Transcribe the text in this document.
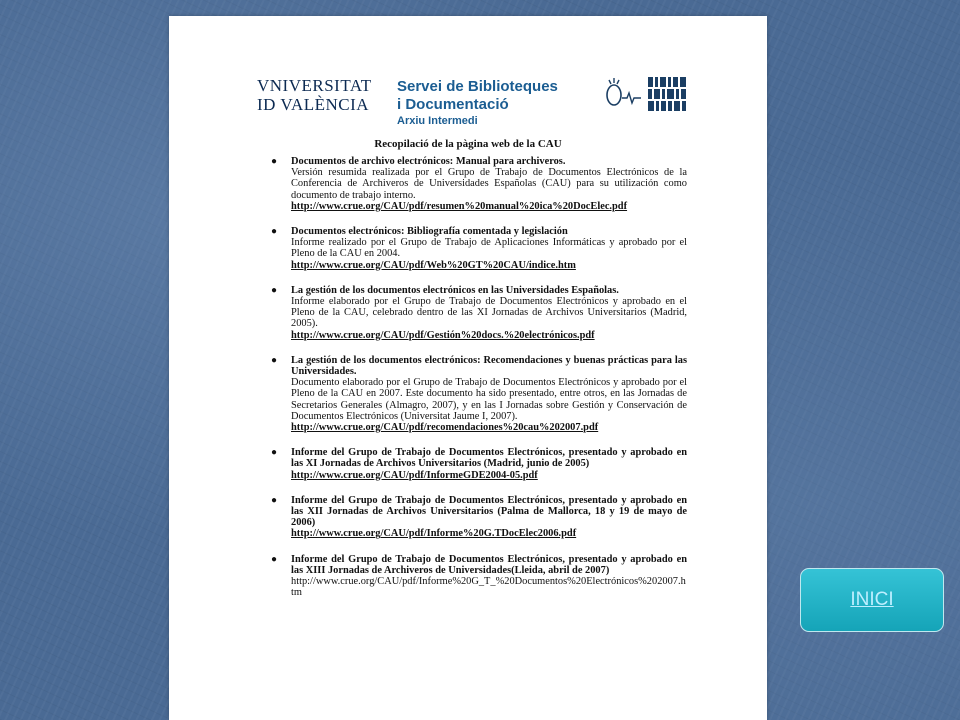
VNIVERSITAT
ID VALÈNCIA
Servei de Biblioteques
i Documentació
Arxiu Intermedi
Recopilació de la pàgina web de la CAU
● Documentos de archivo electrónicos: Manual para archiveros.
Versión resumida realizada por el Grupo de Trabajo de Documentos Electrónicos de la Conferencia de Archiveros de Universidades Españolas (CAU) para su utilización como documento de trabajo interno.
http://www.crue.org/CAU/pdf/resumen%20manual%20ica%20DocElec.pdf
● Documentos electrónicos: Bibliografía comentada y legislación
Informe realizado por el Grupo de Trabajo de Aplicaciones Informáticas y aprobado por el Pleno de la CAU en 2004.
http://www.crue.org/CAU/pdf/Web%20GT%20CAU/indice.htm
● La gestión de los documentos electrónicos en las Universidades Españolas.
Informe elaborado por el Grupo de Trabajo de Documentos Electrónicos y aprobado en el Pleno de la CAU, celebrado dentro de las XI Jornadas de Archivos Universitarios (Madrid, 2005).
http://www.crue.org/CAU/pdf/Gestión%20docs.%20electrónicos.pdf
● La gestión de los documentos electrónicos: Recomendaciones y buenas prácticas para las Universidades.
Documento elaborado por el Grupo de Trabajo de Documentos Electrónicos y aprobado por el Pleno de la CAU en 2007. Este documento ha sido presentado, entre otros, en las Jornadas de Secretarios Generales (Almagro, 2007), y en las I Jornadas sobre Gestión y Conservación de Documentos Electrónicos (Universitat Jaume I, 2007).
http://www.crue.org/CAU/pdf/recomendaciones%20cau%202007.pdf
● Informe del Grupo de Trabajo de Documentos Electrónicos, presentado y aprobado en las XI Jornadas de Archivos Universitarios (Madrid, junio de 2005)
http://www.crue.org/CAU/pdf/InformeGDE2004-05.pdf
● Informe del Grupo de Trabajo de Documentos Electrónicos, presentado y aprobado en las XII Jornadas de Archivos Universitarios (Palma de Mallorca, 18 y 19 de mayo de 2006)
http://www.crue.org/CAU/pdf/Informe%20G.TDocElec2006.pdf
● Informe del Grupo de Trabajo de Documentos Electrónicos, presentado y aprobado en las XIII Jornadas de Archiveros de Universidades(Lleida, abril de 2007)
http://www.crue.org/CAU/pdf/Informe%20G_T_%20Documentos%20Electrónicos%202007.htm	INICI
